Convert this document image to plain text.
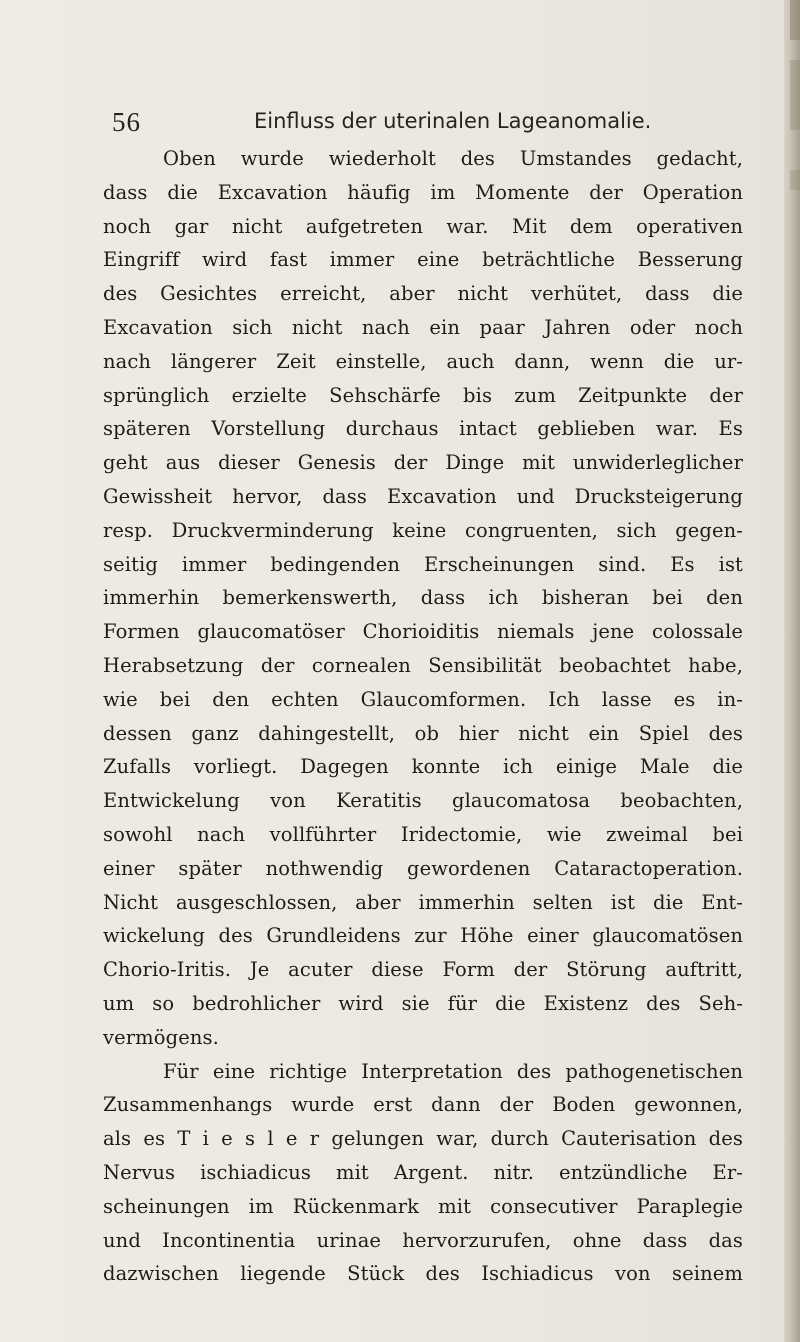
56	Einfluss der uterinalen Lageanomalie.
Oben wurde wiederholt des Umstandes gedacht,
dass die Excavation häufig im Momente der Operation
noch gar nicht aufgetreten war. Mit dem operativen
Eingriff wird fast immer eine beträchtliche Besserung
des Gesichtes erreicht, aber nicht verhütet, dass die
Excavation sich nicht nach ein paar Jahren oder noch
nach längerer Zeit einstelle, auch dann, wenn die ur-
sprünglich erzielte Sehschärfe bis zum Zeitpunkte der
späteren Vorstellung durchaus intact geblieben war. Es
geht aus dieser Genesis der Dinge mit unwiderleglicher
Gewissheit hervor, dass Excavation und Drucksteigerung
resp. Druckverminderung keine congruenten, sich gegen-
seitig immer bedingenden Erscheinungen sind. Es ist
immerhin bemerkenswerth, dass ich bisheran bei den
Formen glaucomatöser Chorioiditis niemals jene colossale
Herabsetzung der cornealen Sensibilität beobachtet habe,
wie bei den echten Glaucomformen. Ich lasse es in-
dessen ganz dahingestellt, ob hier nicht ein Spiel des
Zufalls vorliegt. Dagegen konnte ich einige Male die
Entwickelung von Keratitis glaucomatosa beobachten,
sowohl nach vollführter Iridectomie, wie zweimal bei
einer später nothwendig gewordenen Cataractoperation.
Nicht ausgeschlossen, aber immerhin selten ist die Ent-
wickelung des Grundleidens zur Höhe einer glaucomatösen
Chorio-Iritis. Je acuter diese Form der Störung auftritt,
um so bedrohlicher wird sie für die Existenz des Seh-
vermögens.
Für eine richtige Interpretation des pathogenetischen
Zusammenhangs wurde erst dann der Boden gewonnen,
als es T i e s l e r gelungen war, durch Cauterisation des
Nervus ischiadicus mit Argent. nitr. entzündliche Er-
scheinungen im Rückenmark mit consecutiver Paraplegie
und Incontinentia urinae hervorzurufen, ohne dass das
dazwischen liegende Stück des Ischiadicus von seinem
